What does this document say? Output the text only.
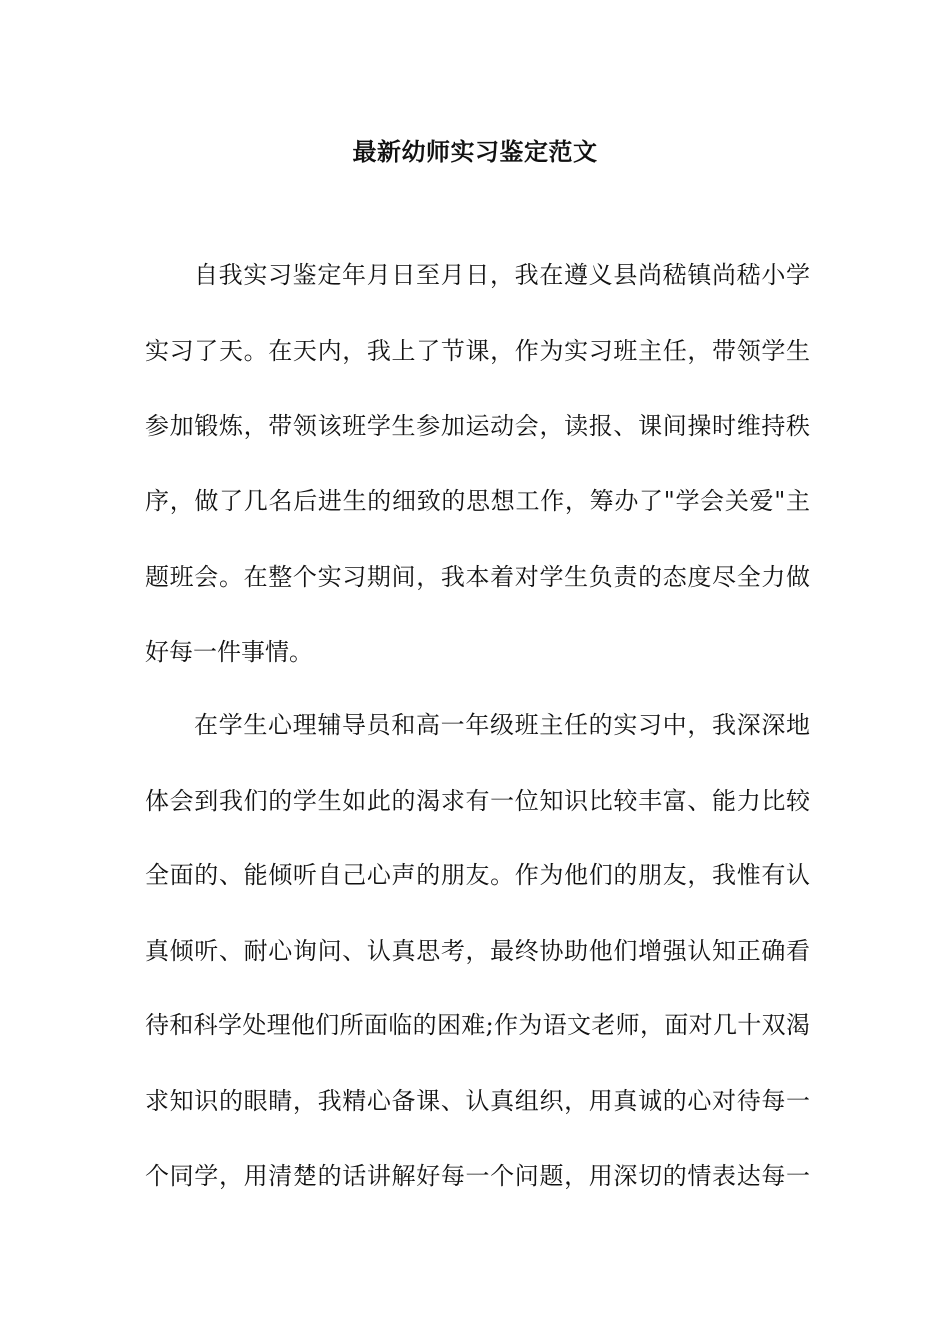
最新幼师实习鉴定范文
自我实习鉴定年月日至月日，我在遵义县尚嵇镇尚嵇小学
实习了天。在天内，我上了节课，作为实习班主任，带领学生
参加锻炼，带领该班学生参加运动会，读报、课间操时维持秩
序，做了几名后进生的细致的思想工作，筹办了"学会关爱"主
题班会。在整个实习期间，我本着对学生负责的态度尽全力做
好每一件事情。
在学生心理辅导员和高一年级班主任的实习中，我深深地
体会到我们的学生如此的渴求有一位知识比较丰富、能力比较
全面的、能倾听自己心声的朋友。作为他们的朋友，我惟有认
真倾听、耐心询问、认真思考，最终协助他们增强认知正确看
待和科学处理他们所面临的困难;作为语文老师，面对几十双渴
求知识的眼睛，我精心备课、认真组织，用真诚的心对待每一
个同学，用清楚的话讲解好每一个问题，用深切的情表达每一
